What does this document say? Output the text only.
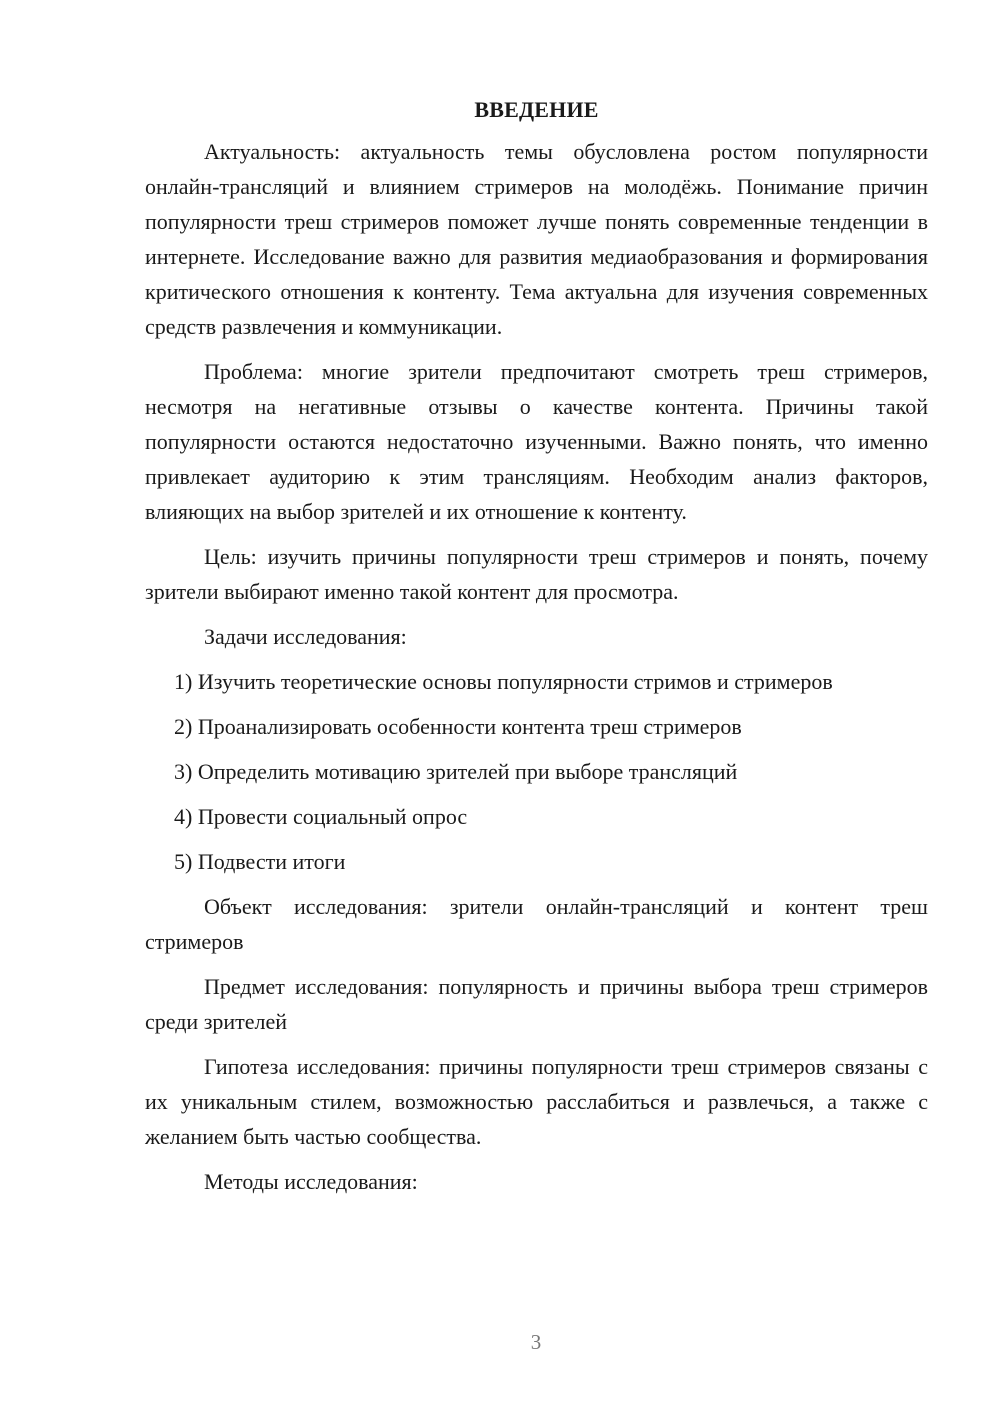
ВВЕДЕНИЕ

Актуальность: актуальность темы обусловлена ростом популярности онлайн-трансляций и влиянием стримеров на молодёжь. Понимание причин популярности треш стримеров поможет лучше понять современные тенденции в интернете. Исследование важно для развития медиаобразования и формирования критического отношения к контенту. Тема актуальна для изучения современных средств развлечения и коммуникации.

Проблема: многие зрители предпочитают смотреть треш стримеров, несмотря на негативные отзывы о качестве контента. Причины такой популярности остаются недостаточно изученными. Важно понять, что именно привлекает аудиторию к этим трансляциям. Необходим анализ факторов, влияющих на выбор зрителей и их отношение к контенту.

Цель: изучить причины популярности треш стримеров и понять, почему зрители выбирают именно такой контент для просмотра.

Задачи исследования:

1) Изучить теоретические основы популярности стримов и стримеров
2) Проанализировать особенности контента треш стримеров
3) Определить мотивацию зрителей при выборе трансляций
4) Провести социальный опрос
5) Подвести итоги

Объект исследования: зрители онлайн-трансляций и контент треш стримеров

Предмет исследования: популярность и причины выбора треш стримеров среди зрителей

Гипотеза исследования: причины популярности треш стримеров связаны с их уникальным стилем, возможностью расслабиться и развлечься, а также с желанием быть частью сообщества.

Методы исследования:

3
